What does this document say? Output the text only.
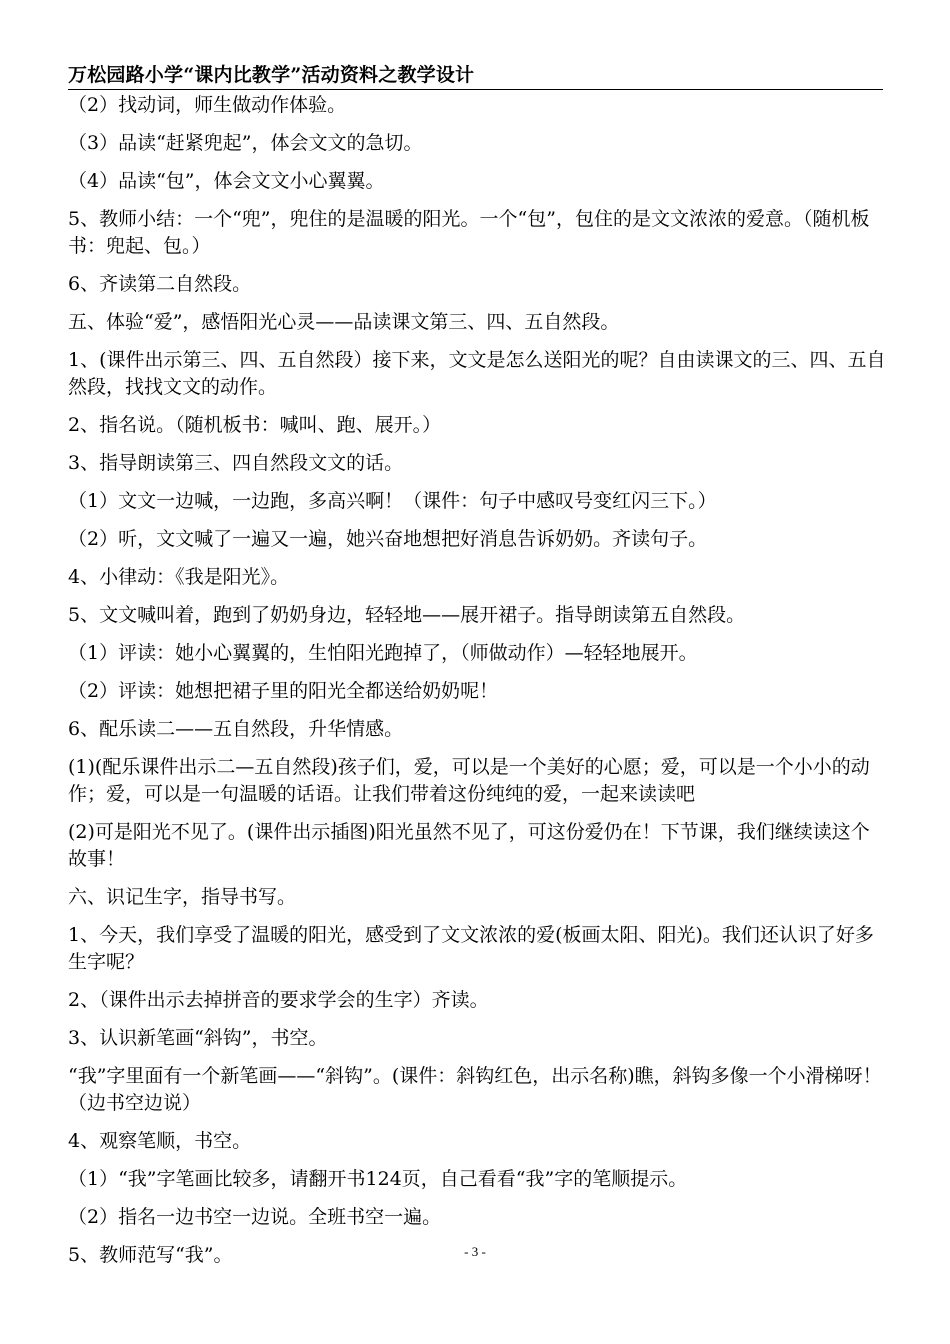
万松园路小学“课内比教学”活动资料之教学设计

（2）找动词，师生做动作体验。

（3）品读“赶紧兜起”，体会文文的急切。

（4）品读“包”，体会文文小心翼翼。

5、教师小结：一个“兜”，兜住的是温暖的阳光。一个“包”，包住的是文文浓浓的爱意。（随机板书：兜起、包。）

6、齐读第二自然段。

五、体验“爱”，感悟阳光心灵——品读课文第三、四、五自然段。

1、(课件出示第三、四、五自然段）接下来，文文是怎么送阳光的呢？自由读课文的三、四、五自然段，找找文文的动作。

2、指名说。（随机板书：喊叫、跑、展开。）

3、指导朗读第三、四自然段文文的话。

（1）文文一边喊，一边跑，多高兴啊！（课件：句子中感叹号变红闪三下。）

（2）听，文文喊了一遍又一遍，她兴奋地想把好消息告诉奶奶。齐读句子。

4、小律动：《我是阳光》。

5、文文喊叫着，跑到了奶奶身边，轻轻地——展开裙子。指导朗读第五自然段。

（1）评读：她小心翼翼的，生怕阳光跑掉了，（师做动作）—轻轻地展开。

（2）评读：她想把裙子里的阳光全都送给奶奶呢！

6、配乐读二——五自然段，升华情感。

(1)(配乐课件出示二—五自然段)孩子们，爱，可以是一个美好的心愿；爱，可以是一个小小的动作；爱，可以是一句温暖的话语。让我们带着这份纯纯的爱，一起来读读吧

(2)可是阳光不见了。(课件出示插图)阳光虽然不见了，可这份爱仍在！下节课，我们继续读这个故事！

六、识记生字，指导书写。

1、今天，我们享受了温暖的阳光，感受到了文文浓浓的爱(板画太阳、阳光)。我们还认识了好多生字呢？

2、（课件出示去掉拼音的要求学会的生字）齐读。

3、认识新笔画“斜钩”，书空。

“我”字里面有一个新笔画——“斜钩”。(课件：斜钩红色，出示名称)瞧，斜钩多像一个小滑梯呀！（边书空边说）

4、观察笔顺，书空。

（1）“我”字笔画比较多，请翻开书124页，自己看看“我”字的笔顺提示。

（2）指名一边书空一边说。全班书空一遍。

5、教师范写“我”。	- 3 -
